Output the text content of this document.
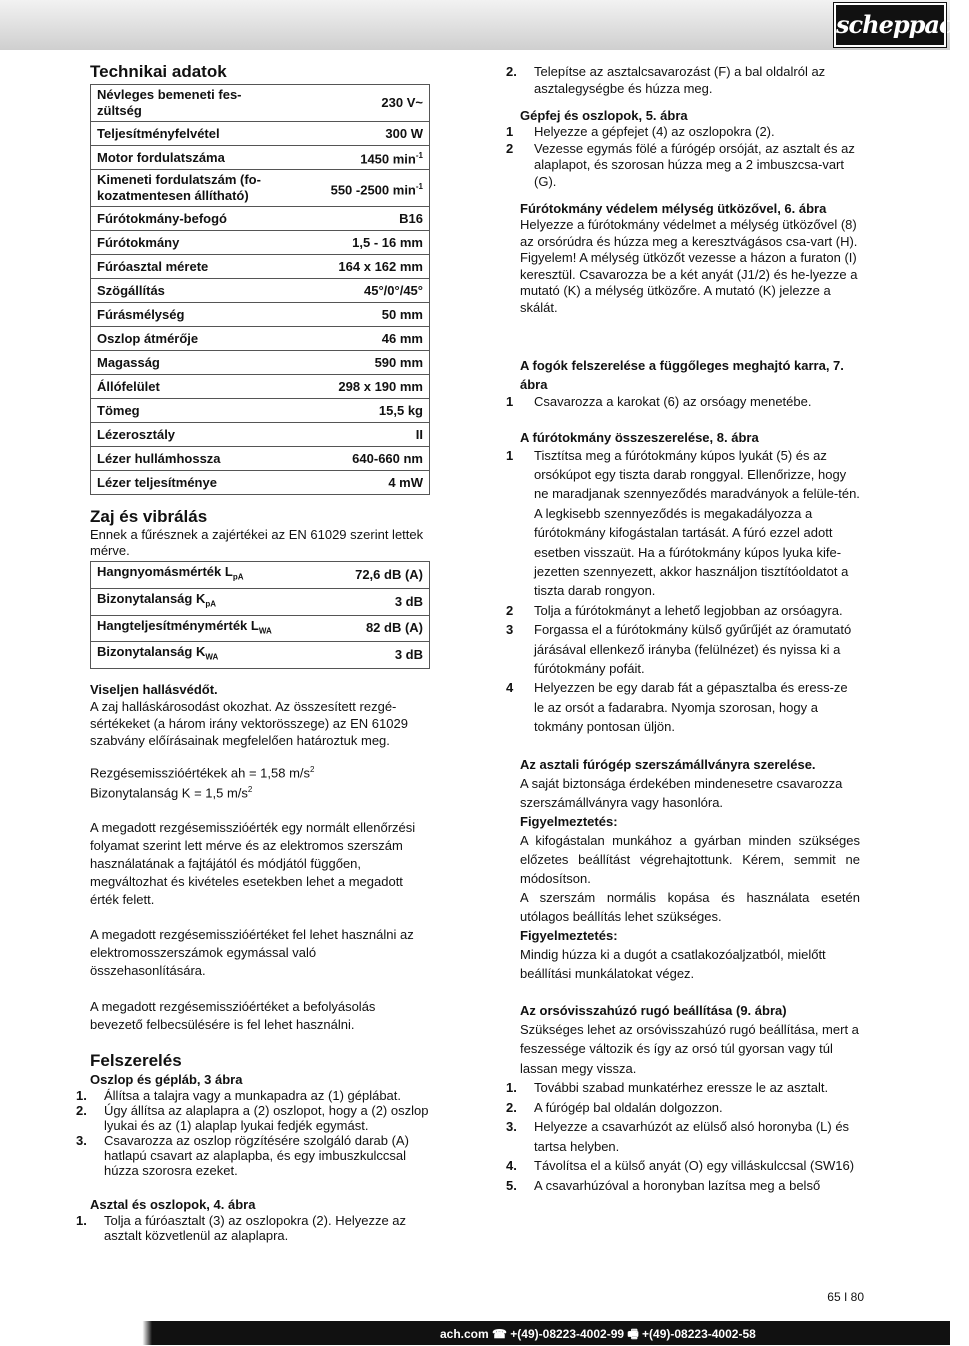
scheppach
Technikai adatok
Névleges bemeneti fes-
zültség	230 V~
Teljesítményfelvétel	300 W
Motor fordulatszáma	1450 $\min^{-1}$
Kimeneti fordulatszám (fo-
kozatmentesen állítható)	550 -2500 $\min^{-1}$
Fúrótokmány-befogó	B16
Fúrótokmány	1,5 - 16 mm
Fúróasztal mérete	164 x 162 mm
Szögállítás	45°/0°/45°
Fúrásmélység	50 mm
Oszlop átmérője	46 mm
Magasság	590 mm
Állófelület	298 x 190 mm
Tömeg	15,5 kg
Lézerosztály	II
Lézer hullámhossza	640-660 nm
Lézer teljesítménye	4 mW
Zaj és vibrálás

Ennek a fűrésznek a zajértékei az EN 61029 szerint lettek mérve.

Hangnyomásmérték $L_{pA}$	72,6 dB (A)
Bizonytalanság $K_{pA}$	3 dB
Hangteljesítménymérték $L_{WA}$	82 dB (A)
Bizonytalanság $K_{WA}$	3 dB

Viseljen hallásvédőt.

A zaj halláskárosodást okozhat. Az összesített rezgé-sértékeket (a három irány vektorösszege) az EN 61029 szabvány előírásainak megfelelően határoztuk meg.

Rezgésemisszióértékek ah = 1,58 $m/s^2$

Bizonytalanság K = 1,5 $m/s^2$

A megadott rezgésemisszióérték egy normált ellenőrzési folyamat szerint lett mérve és az elektromos szerszám használatának a fajtájától és módjától függően, megváltozhat és kivételes esetekben lehet a megadott érték felett.

A megadott rezgésemisszióértéket fel lehet használni az elektromosszerszámok egymással való összehasonlítására.

A megadott rezgésemisszióértéket a befolyásolás bevezető felbecsülésére is fel lehet használni.

Felszerelés

Oszlop és gépláb, 3 ábra

1. Állítsa a talajra vagy a munkapadra az (1) géplábat.
2. Úgy állítsa az alaplapra a (2) oszlopot, hogy a (2) oszlop lyukai és az (1) alaplap lyukai fedjék egymást.
3. Csavarozza az oszlop rögzítésére szolgáló darab (A) hatlapú csavart az alaplapba, és egy imbuszkulccsal húzza szorosra ezeket.

Asztal és oszlopok, 4. ábra

1. Tolja a fúróasztalt (3) az oszlopokra (2). Helyezze az asztalt közvetlenül az alaplapra.
2. Telepítse az asztalcsavarozást (F) a bal oldalról az asztalegységbe és húzza meg.

Gépfej és oszlopok, 5. ábra

1 Helyezze a gépfejet (4) az oszlopokra (2).
2 Vezesse egymás fölé a fúrógép orsóját, az asztalt és az alaplapot, és szorosan húzza meg a 2 imbuszcsa-vart (G).

Fúrótokmány védelem mélység ütközővel, 6. ábra

Helyezze a fúrótokmány védelmet a mélység ütközővel (8) az orsórúdra és húzza meg a keresztvágásos csa-vart (H).

Figyelem! A mélység ütközőt vezesse a házon a furaton (I) keresztül. Csavarozza be a két anyát (J1/2) és he-lyezze a mutató (K) a mélység ütközőre. A mutató (K) jelezze a skálát.

A fogók felszerelése a függőleges meghajtó karra, 7. ábra

1 Csavarozza a karokat (6) az orsóagy menetébe.

A fúrótokmány összeszerelése, 8. ábra

1 Tisztítsa meg a fúrótokmány kúpos lyukát (5) és az orsókúpot egy tiszta darab ronggyal. Ellenőrizze, hogy ne maradjanak szennyeződés maradványok a felüle-tén. A legkisebb szennyeződés is megakadályozza a fúrótokmány kifogástalan tartását. A fúró ezzel adott esetben visszaüt. Ha a fúrótokmány kúpos lyuka kife-jezetten szennyezett, akkor használjon tisztítóoldatot a tiszta darab rongyon.
2 Tolja a fúrótokmányt a lehető legjobban az orsóagyra.
3 Forgassa el a fúrótokmány külső gyűrűjét az óramutató járásával ellenkező irányba (felülnézet) és nyissa ki a fúrótokmány pofáit.
4 Helyezzen be egy darab fát a gépasztalba és eress-ze le az orsót a fadarabra. Nyomja szorosan, hogy a tokmány pontosan üljön.

Az asztali fúrógép szerszámállványra szerelése.

A saját biztonsága érdekében mindenesetre csavarozza szerszámállványra vagy hasonlóra.

Figyelmeztetés:

A kifogástalan munkához a gyárban minden szükséges előzetes beállítást végrehajtottunk. Kérem, semmit ne módosítson.

A szerszám normális kopása és használata esetén utólagos beállítás lehet szükséges.

Figyelmeztetés:

Mindig húzza ki a dugót a csatlakozóaljzatból, mielőtt beállítási munkálatokat végez.

Az orsóvisszahúzó rugó beállítása (9. ábra)

Szükséges lehet az orsóvisszahúzó rugó beállítása, mert a feszessége változik és így az orsó túl gyorsan vagy túl lassan megy vissza.

1. További szabad munkatérhez eressze le az asztalt.
2. A fúrógép bal oldalán dolgozzon.
3. Helyezze a csavarhúzót az elülső alsó horonyba (L) és tartsa helyben.
4. Távolítsa el a külső anyát (O) egy villáskulccsal (SW16)
5. A csavarhúzóval a horonyban lazítsa meg a belső
65 I 80
ach.com ☎ +(49)-08223-4002-99 🖷 +(49)-08223-4002-58
